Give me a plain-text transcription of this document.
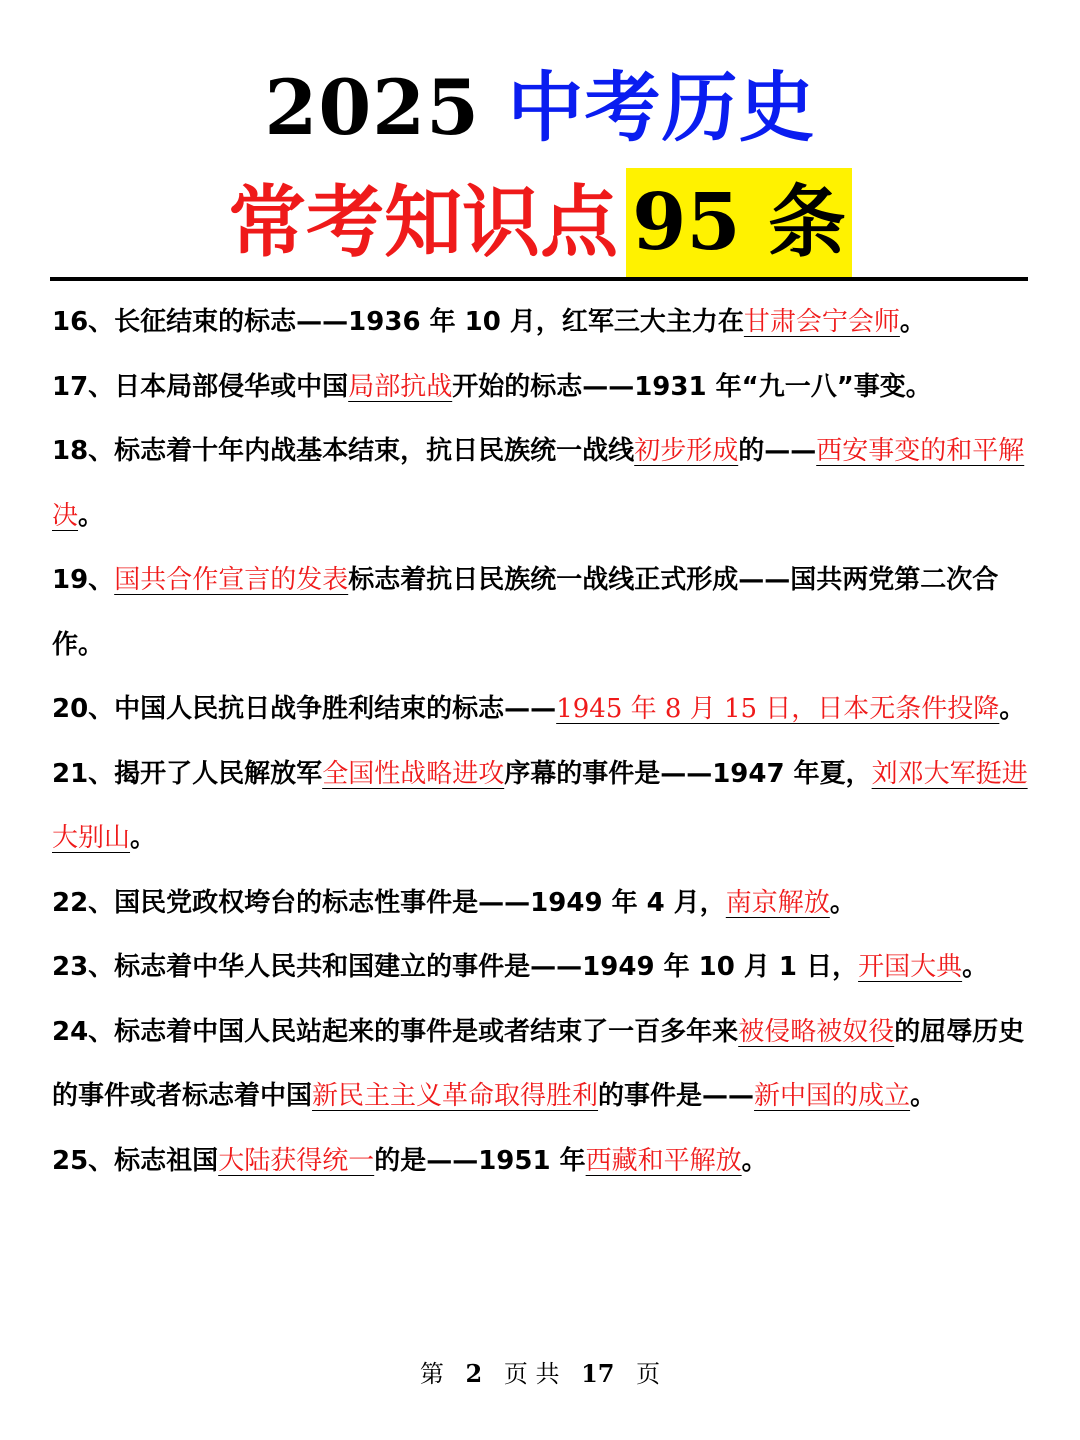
2025 中考历史
常考知识点 95 条

16、长征结束的标志——1936 年 10 月，红军三大主力在甘肃会宁会师。

17、日本局部侵华或中国局部抗战开始的标志——1931 年“九一八”事变。

18、标志着十年内战基本结束，抗日民族统一战线初步形成的——西安事变的和平解决。

19、国共合作宣言的发表标志着抗日民族统一战线正式形成——国共两党第二次合作。

20、中国人民抗日战争胜利结束的标志——1945 年 8 月 15 日，日本无条件投降。

21、揭开了人民解放军全国性战略进攻序幕的事件是——1947 年夏，刘邓大军挺进大别山。

22、国民党政权垮台的标志性事件是——1949 年 4 月，南京解放。

23、标志着中华人民共和国建立的事件是——1949 年 10 月 1 日，开国大典。

24、标志着中国人民站起来的事件是或者结束了一百多年来被侵略被奴役的屈辱历史的事件或者标志着中国新民主主义革命取得胜利的事件是——新中国的成立。

25、标志祖国大陆获得统一的是——1951 年西藏和平解放。

第 2 页 共 17 页
